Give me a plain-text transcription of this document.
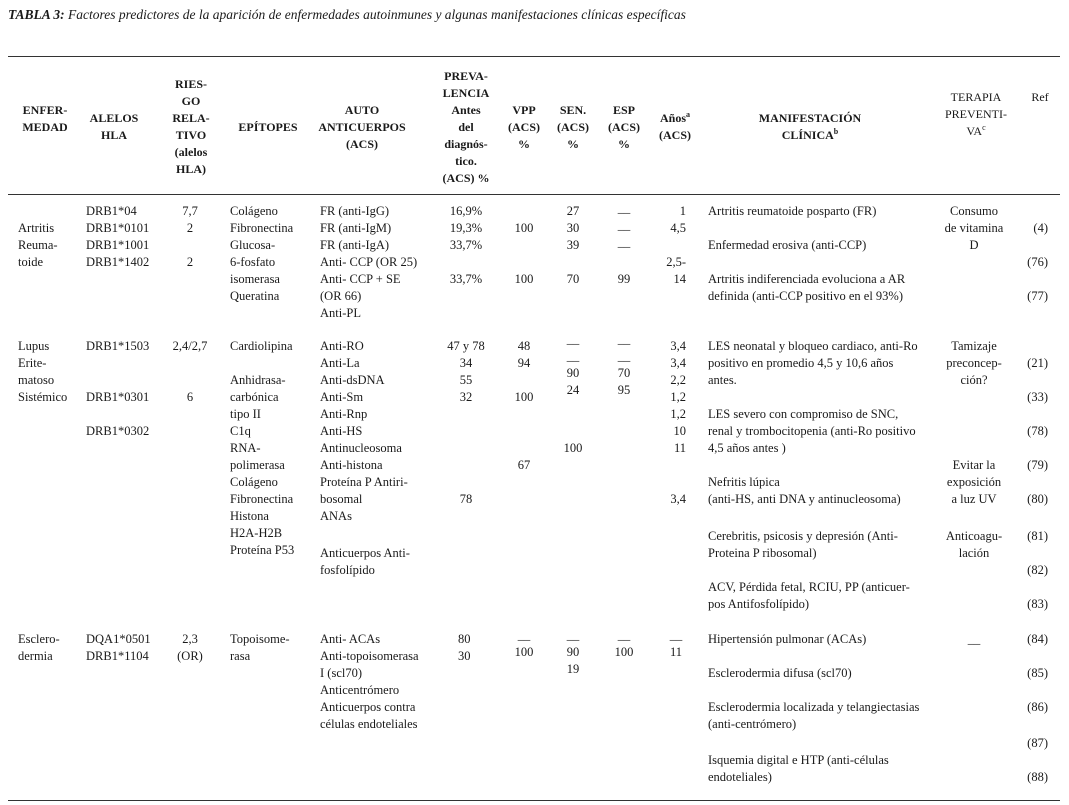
TABLA 3: Factores predictores de la aparición de enfermedades autoinmunes y algunas manifestaciones clínicas específicas
ENFER-
MEDAD
ALELOS
HLA
RIES-
GO
RELA-
TIVO
(alelos
HLA)
EPÍTOPES
AUTO
ANTICUERPOS
(ACS)
PREVA-
LENCIA
Antes
del
diagnós-
tico.
(ACS) %
VPP
(ACS)
%
SEN.
(ACS)
%
ESP
(ACS)
%
Años$^a$
(ACS)
MANIFESTACIÓN
CLÍNICA$^b$
TERAPIA
PREVENTI-
$VA^c$
Ref
Artritis
Reuma-
toide
DRB1*04
DRB1*0101
DRB1*1001
DRB1*1402
7,7
2
2
Colágeno
Fibronectina
Glucosa-
6-fosfato
isomerasa
Queratina
FR (anti-IgG)
FR (anti-IgM)
FR (anti-IgA)
Anti- CCP (OR 25)
Anti- CCP + SE
(OR 66)
Anti-PL
16,9%
19,3%
33,7%
33,7%
100
100
27
30
39
70
__
__
__
99
1
4,5
2,5-
14
Artritis reumatoide posparto (FR)
Enfermedad erosiva (anti-CCP)
Artritis indiferenciada evoluciona a AR
definida (anti-CCP positivo en el 93%)
Consumo
de vitamina
D
(4)
(76)
(77)
Lupus
Erite-
matoso
Sistémico
DRB1*1503
DRB1*0301
DRB1*0302
2,4/2,7
6
Cardiolipina
Anhidrasa-
carbónica
tipo II
C1q
RNA-
polimerasa
Colágeno
Fibronectina
Histona
H2A-H2B
Proteína P53
Anti-RO
Anti-La
Anti-dsDNA
Anti-Sm
Anti-Rnp
Anti-HS
Antinucleosoma
Anti-histona
Proteína P Antiri-
bosomal
ANAs
Anticuerpos Anti-
fosfolípido
47 y 78
34
55
32
78
48
94
100
67
__
__
90
24
100
__
__
70
95
3,4
3,4
2,2
1,2
1,2
10
11
3,4
LES neonatal y bloqueo cardiaco, anti-Ro
positivo en promedio 4,5 y 10,6 años
antes.
LES severo con compromiso de SNC,
renal y trombocitopenia (anti-Ro positivo
4,5 años antes )
Nefritis lúpica
(anti-HS, anti DNA y antinucleosoma)
Cerebritis, psicosis y depresión (Anti-
Proteina P ribosomal)
ACV, Pérdida fetal, RCIU, PP (anticuer-
pos Antifosfolípido)
Tamizaje
preconcep-
ción?
Evitar la
exposición
a luz UV
Anticoagu-
lación
(21)
(33)
(78)
(79)
(80)
(81)
(82)
(83)
Esclero-
dermia
DQA1*0501
DRB1*1104
2,3
(OR)
Topoisome-
rasa
Anti- ACAs
Anti-topoisomerasa
I (scl70)
Anticentrómero
Anticuerpos contra
células endoteliales
80
30
__
100
__
90
19
__
100
__
11
Hipertensión pulmonar (ACAs)
Esclerodermia difusa (scl70)
Esclerodermia localizada y telangiectasias
(anti-centrómero)
Isquemia digital e HTP (anti-células
endoteliales)
__	(84)
(85)
(86)
(87)
(88)
